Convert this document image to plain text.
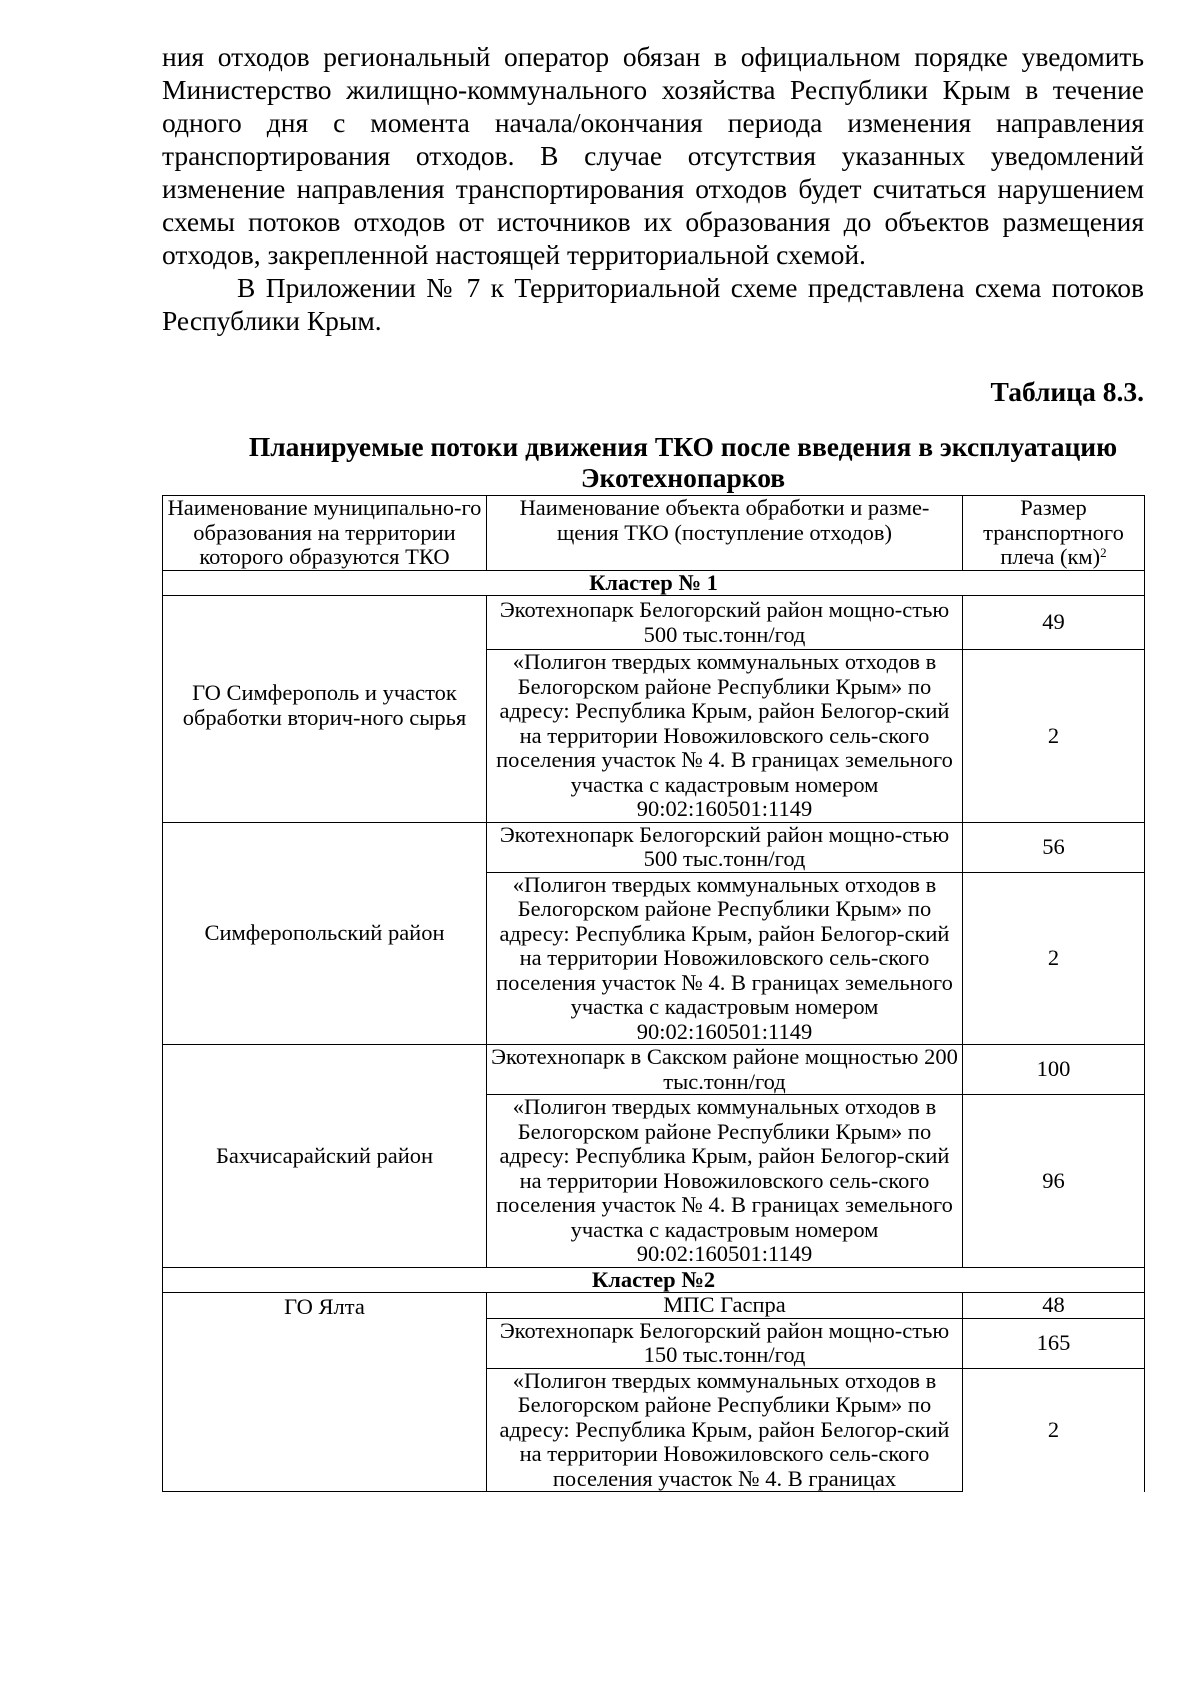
ния отходов региональный оператор обязан в официальном порядке уведомить Министерство жилищно-коммунального хозяйства Республики Крым в течение одного дня с момента начала/окончания периода изменения направления транспортирования отходов. В случае отсутствия указанных уведомлений изменение направления транспортирования отходов будет считаться нарушением схемы потоков отходов от источников их образования до объектов размещения отходов, закрепленной настоящей территориальной схемой.

В Приложении № 7 к Территориальной схеме представлена схема потоков Республики Крым.

Таблица 8.3.
Планируемые потоки движения ТКО после введения в эксплуатацию Экотехнопарков
Наименование муниципально-го образования на территории которого образуются ТКО	Наименование объекта обработки и разме-щения ТКО (поступление отходов)	Размер транспортного плеча (км)$^2$
Кластер № 1		
ГО Симферополь и участок обработки вторич-ного сырья	Экотехнопарк Белогорский район мощно-стью 500 тыс.тонн/год	49
	«Полигон твердых коммунальных отходов в Белогорском районе Республики Крым» по адресу: Республика Крым, район Белогор-ский на территории Новожиловского сель-ского поселения участок № 4. В границах земельного участка с кадастровым номером 90:02:160501:1149	2
Симферопольский район	Экотехнопарк Белогорский район мощно-стью 500 тыс.тонн/год	56
	«Полигон твердых коммунальных отходов в Белогорском районе Республики Крым» по адресу: Республика Крым, район Белогор-ский на территории Новожиловского сель-ского поселения участок № 4. В границах земельного участка с кадастровым номером 90:02:160501:1149	2
Бахчисарайский район	Экотехнопарк в Сакском районе мощностью 200 тыс.тонн/год	100
	«Полигон твердых коммунальных отходов в Белогорском районе Республики Крым» по адресу: Республика Крым, район Белогор-ский на территории Новожиловского сель-ского поселения участок № 4. В границах земельного участка с кадастровым номером 90:02:160501:1149	96
Кластер №2		
ГО Ялта	МПС Гаспра	48
	Экотехнопарк Белогорский район мощно-стью 150 тыс.тонн/год	165
	«Полигон твердых коммунальных отходов в Белогорском районе Республики Крым» по адресу: Республика Крым, район Белогор-ский на территории Новожиловского сель-ского поселения участок № 4. В границах	2
